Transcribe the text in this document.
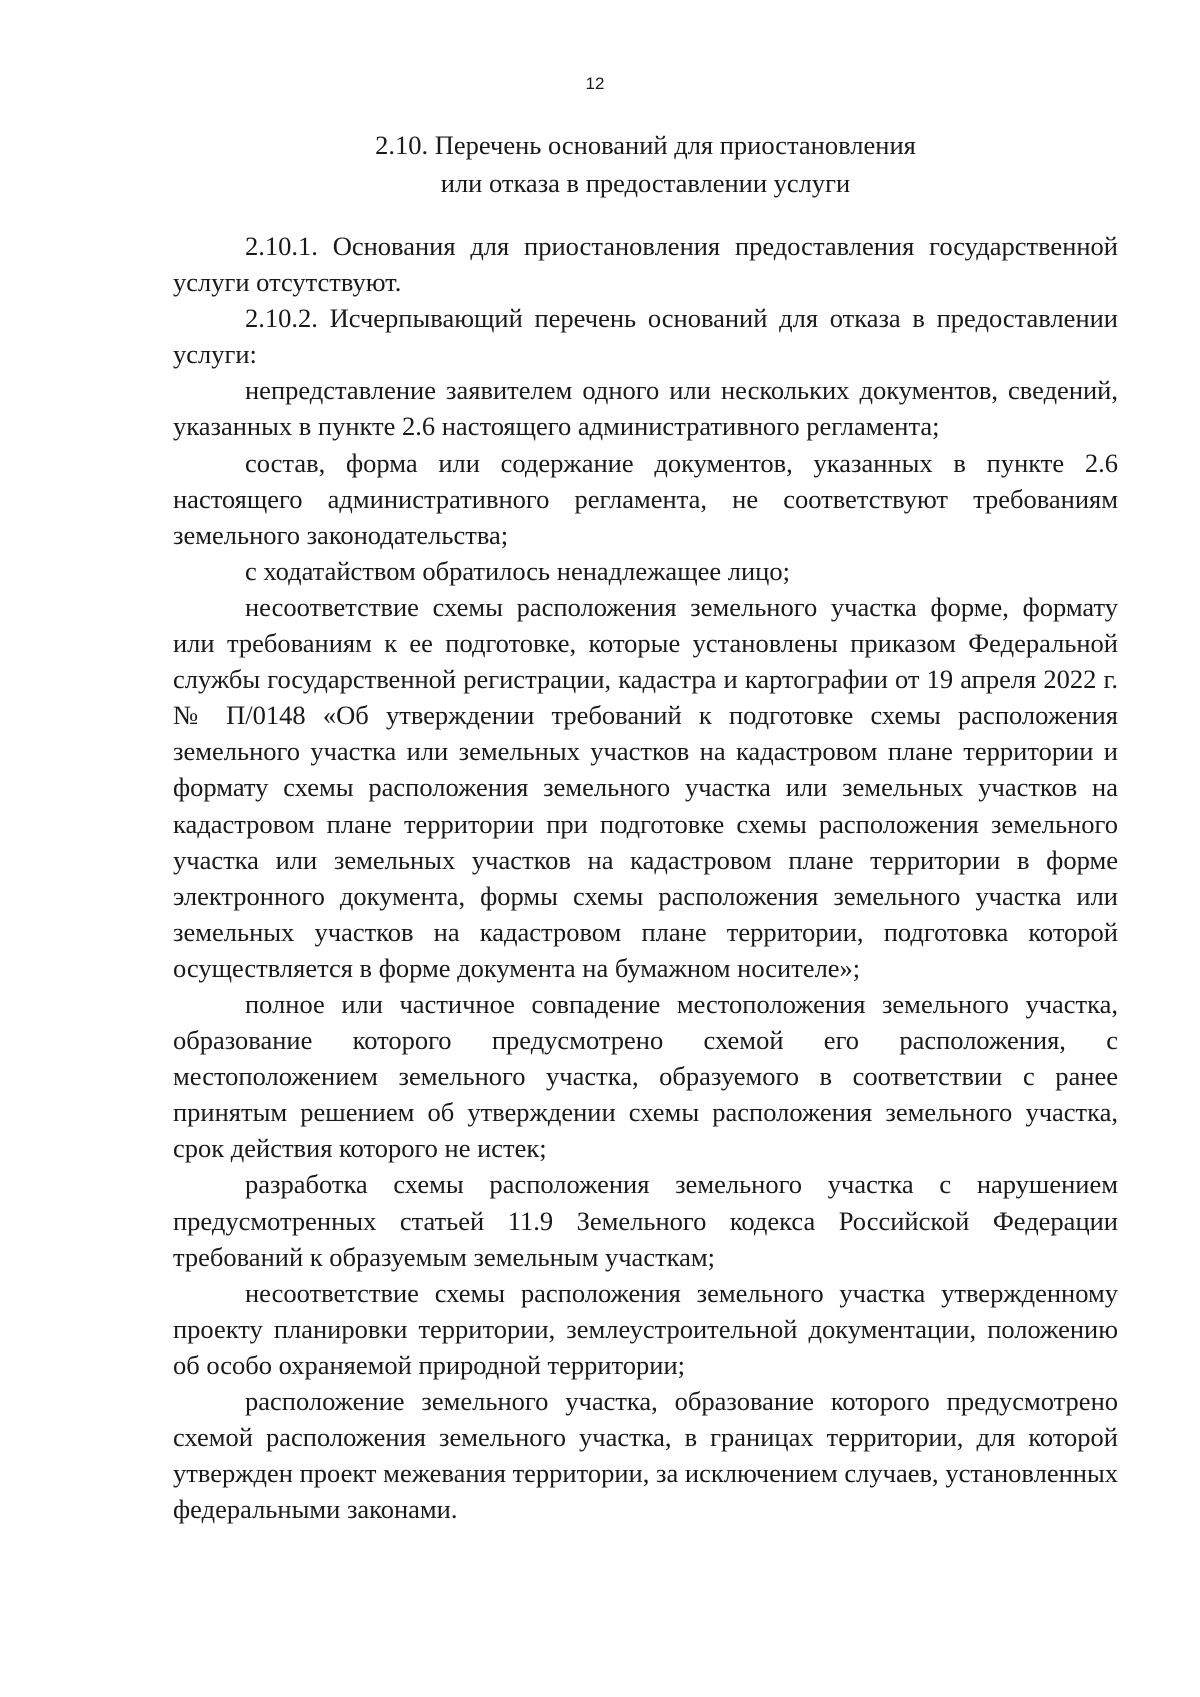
12
2.10. Перечень оснований для приостановления
или отказа в предоставлении услуги

2.10.1. Основания для приостановления предоставления государственной услуги отсутствуют.

2.10.2. Исчерпывающий перечень оснований для отказа в предоставлении услуги:

непредставление заявителем одного или нескольких документов, сведений, указанных в пункте 2.6 настоящего административного регламента;

состав, форма или содержание документов, указанных в пункте 2.6 настоящего административного регламента, не соответствуют требованиям земельного законодательства;

с ходатайством обратилось ненадлежащее лицо;

несоответствие схемы расположения земельного участка форме, формату или требованиям к ее подготовке, которые установлены приказом Федеральной службы государственной регистрации, кадастра и картографии от 19 апреля 2022 г. № П/0148 «Об утверждении требований к подготовке схемы расположения земельного участка или земельных участков на кадастровом плане территории и формату схемы расположения земельного участка или земельных участков на кадастровом плане территории при подготовке схемы расположения земельного участка или земельных участков на кадастровом плане территории в форме электронного документа, формы схемы расположения земельного участка или земельных участков на кадастровом плане территории, подготовка которой осуществляется в форме документа на бумажном носителе»;

полное или частичное совпадение местоположения земельного участка, образование которого предусмотрено схемой его расположения, с местоположением земельного участка, образуемого в соответствии с ранее принятым решением об утверждении схемы расположения земельного участка, срок действия которого не истек;

разработка схемы расположения земельного участка с нарушением предусмотренных статьей 11.9 Земельного кодекса Российской Федерации требований к образуемым земельным участкам;

несоответствие схемы расположения земельного участка утвержденному проекту планировки территории, землеустроительной документации, положению об особо охраняемой природной территории;

расположение земельного участка, образование которого предусмотрено схемой расположения земельного участка, в границах территории, для которой утвержден проект межевания территории, за исключением случаев, установленных федеральными законами.
